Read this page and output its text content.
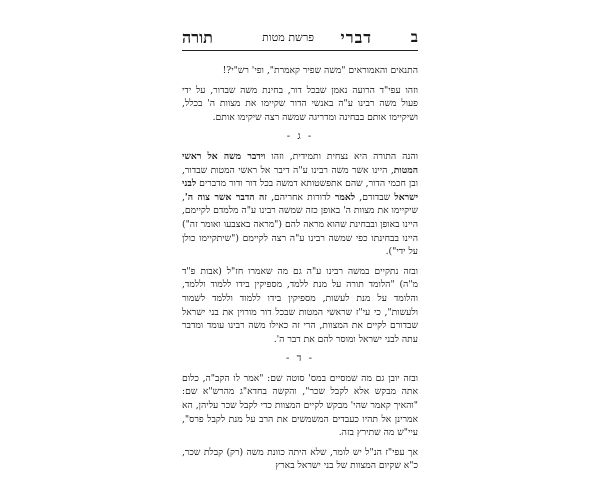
ב
דברי
פרשת מטות
תורה

התנאים והאמוראים "משה שפיר קאמרת", ופי' רש"י?!

וזהו עפי"ד הרועה נאמן שבכל דור, בחינת משה שבדור, על ידי פעול משה רבינו ע"ה באנשי הדור שקיימו את מצוות ה' בכלל, ושיקיימו אותם בבחינה ומדריגה שמשה רצה שיקימו אותם.

- ג -

והנה התורה היא נצחית ותמידית, וזהו וידבר משה אל ראשי המטות, היינו אשר משה רבינו ע"ה דיבר אל ראשי המטות שבדור, ובן חכמי הדור, שהם אתפשטותא דמשה בכל דור ודור מדברים לבני ישראל שבדורם, לאמר לדורות אחריהם, זה הדבר אשר צוה ה', שיקיימו את מצוות ה' באופן כזה שמשה רבינו ע"ה מלמדם לקיימם, היינו באופן ובבחינת שהוא מראה להם ("מראה באצבעו ואומר זה") היינו בבחינתו כפי שמשה רבינו ע"ה רצה לקיימם ("שיתקיימו כולן על ידי").

ובזה נתקיים במשה רבינו ע"ה גם מה שאמרו חז"ל (אבות פ"ד מ"ה) "הלומד תורה על מנת ללמד, מספיקין בידו ללמוד וללמד, והלומד על מנת לעשות, מספיקין בידו ללמוד וללמד לשמור ולעשות", כי עי"ז שראשי המטות שבכל דור מורוין את בני ישראל שבדורם לקיים את המצוות, הרי זה כאילו משה רבינו עומד ומדבר עתה לבני ישראל ומוסר להם את דבר ה'.

- ד -

ובזה יובן גם מה שמסיים במס' סוטה שם: "אמר לו הקב"ה, כלום אתה מבקש אלא לקבל שכר", והקשה בחדא"ג מהרש"א שם: "והאיך קאמר שהי' מבקש לקיים המצוות כדי לקבל שכר עליהן, הא אמרינן אל תהיו כעבדים המשמשים את הרב על מנת לקבל פרס", עיי"ש מה שתירץ בזה.

אך עפי"ז הנ"ל יש לומר, שלא היתה כוונת משה (רק) קבלת שכר, כ"א שקיום המצוות של בני ישראל בארץ
